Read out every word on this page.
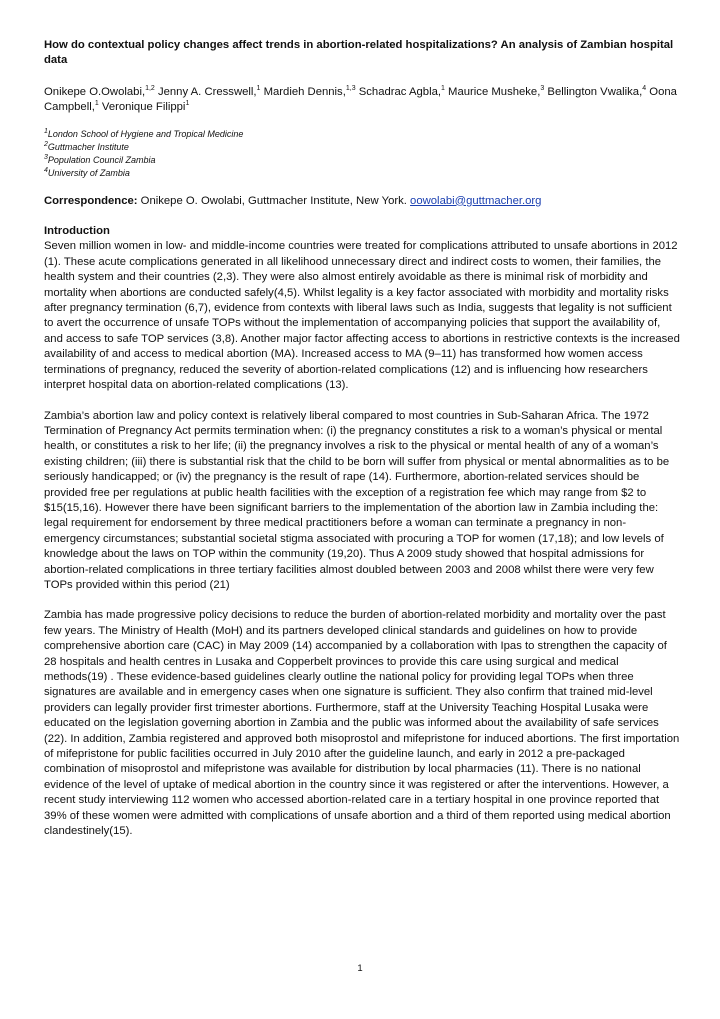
How do contextual policy changes affect trends in abortion-related hospitalizations? An analysis of Zambian hospital data

Onikepe O.Owolabi,$^{1,2}$ Jenny A. Cresswell,$^1$ Mardieh Dennis,$^{1,3}$ Schadrac Agbla,$^1$ Maurice Musheke,$^3$ Bellington Vwalika,$^4$ Oona Campbell,$^1$ Veronique Filippi$^1$

$^1$London School of Hygiene and Tropical Medicine
$^2$Guttmacher Institute
$^3$Population Council Zambia
$^4$University of Zambia

Correspondence: Onikepe O. Owolabi, Guttmacher Institute, New York. oowolabi@guttmacher.org

Introduction

Seven million women in low- and middle-income countries were treated for complications attributed to unsafe abortions in 2012 (1). These acute complications generated in all likelihood unnecessary direct and indirect costs to women, their families, the health system and their countries (2,3). They were also almost entirely avoidable as there is minimal risk of morbidity and mortality when abortions are conducted safely(4,5). Whilst legality is a key factor associated with morbidity and mortality risks after pregnancy termination (6,7), evidence from contexts with liberal laws such as India, suggests that legality is not sufficient to avert the occurrence of unsafe TOPs without the implementation of accompanying policies that support the availability of, and access to safe TOP services (3,8). Another major factor affecting access to abortions in restrictive contexts is the increased availability of and access to medical abortion (MA). Increased access to MA (9–11) has transformed how women access terminations of pregnancy, reduced the severity of abortion-related complications (12) and is influencing how researchers interpret hospital data on abortion-related complications (13).

Zambia’s abortion law and policy context is relatively liberal compared to most countries in Sub-Saharan Africa. The 1972 Termination of Pregnancy Act permits termination when: (i) the pregnancy constitutes a risk to a woman’s physical or mental health, or constitutes a risk to her life; (ii) the pregnancy involves a risk to the physical or mental health of any of a woman’s existing children; (iii) there is substantial risk that the child to be born will suffer from physical or mental abnormalities as to be seriously handicapped; or (iv) the pregnancy is the result of rape (14). Furthermore, abortion-related services should be provided free per regulations at public health facilities with the exception of a registration fee which may range from $2 to $15(15,16). However there have been significant barriers to the implementation of the abortion law in Zambia including the: legal requirement for endorsement by three medical practitioners before a woman can terminate a pregnancy in non-emergency circumstances; substantial societal stigma associated with procuring a TOP for women (17,18); and low levels of knowledge about the laws on TOP within the community (19,20). Thus A 2009 study showed that hospital admissions for abortion-related complications in three tertiary facilities almost doubled between 2003 and 2008 whilst there were very few TOPs provided within this period (21)

Zambia has made progressive policy decisions to reduce the burden of abortion-related morbidity and mortality over the past few years. The Ministry of Health (MoH) and its partners developed clinical standards and guidelines on how to provide comprehensive abortion care (CAC) in May 2009 (14) accompanied by a collaboration with Ipas to strengthen the capacity of 28 hospitals and health centres in Lusaka and Copperbelt provinces to provide this care using surgical and medical methods(19) . These evidence-based guidelines clearly outline the national policy for providing legal TOPs when three signatures are available and in emergency cases when one signature is sufficient. They also confirm that trained mid-level providers can legally provider first trimester abortions. Furthermore, staff at the University Teaching Hospital Lusaka were educated on the legislation governing abortion in Zambia and the public was informed about the availability of safe services (22). In addition, Zambia registered and approved both misoprostol and mifepristone for induced abortions. The first importation of mifepristone for public facilities occurred in July 2010 after the guideline launch, and early in 2012 a pre-packaged combination of misoprostol and mifepristone was available for distribution by local pharmacies (11). There is no national evidence of the level of uptake of medical abortion in the country since it was registered or after the interventions. However, a recent study interviewing 112 women who accessed abortion-related care in a tertiary hospital in one province reported that 39% of these women were admitted with complications of unsafe abortion and a third of them reported using medical abortion clandestinely(15).

1
